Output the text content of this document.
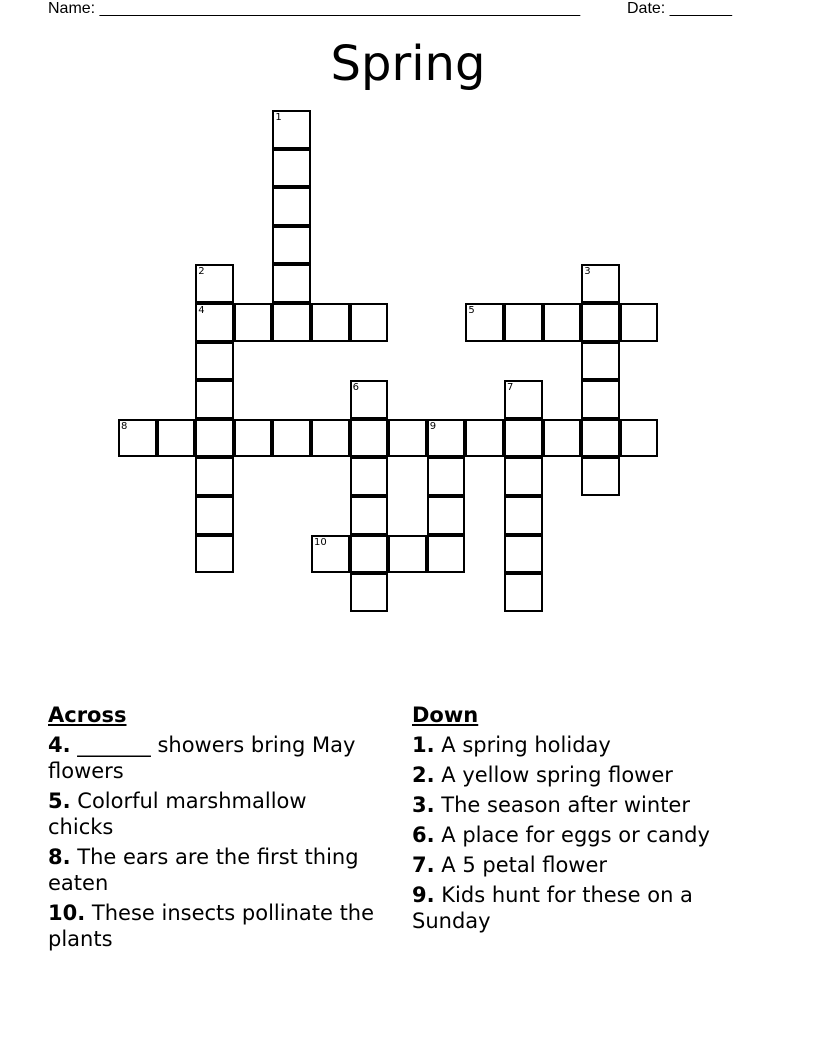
Name: ______________________________________________________	Date: _______
Spring
1
2	3
4	5
6	7
8	9
10
Across
4. _______ showers bring May flowers
5. Colorful marshmallow chicks
8. The ears are the first thing eaten
10. These insects pollinate the plants
Down
1. A spring holiday
2. A yellow spring flower
3. The season after winter
6. A place for eggs or candy
7. A 5 petal flower
9. Kids hunt for these on a Sunday
